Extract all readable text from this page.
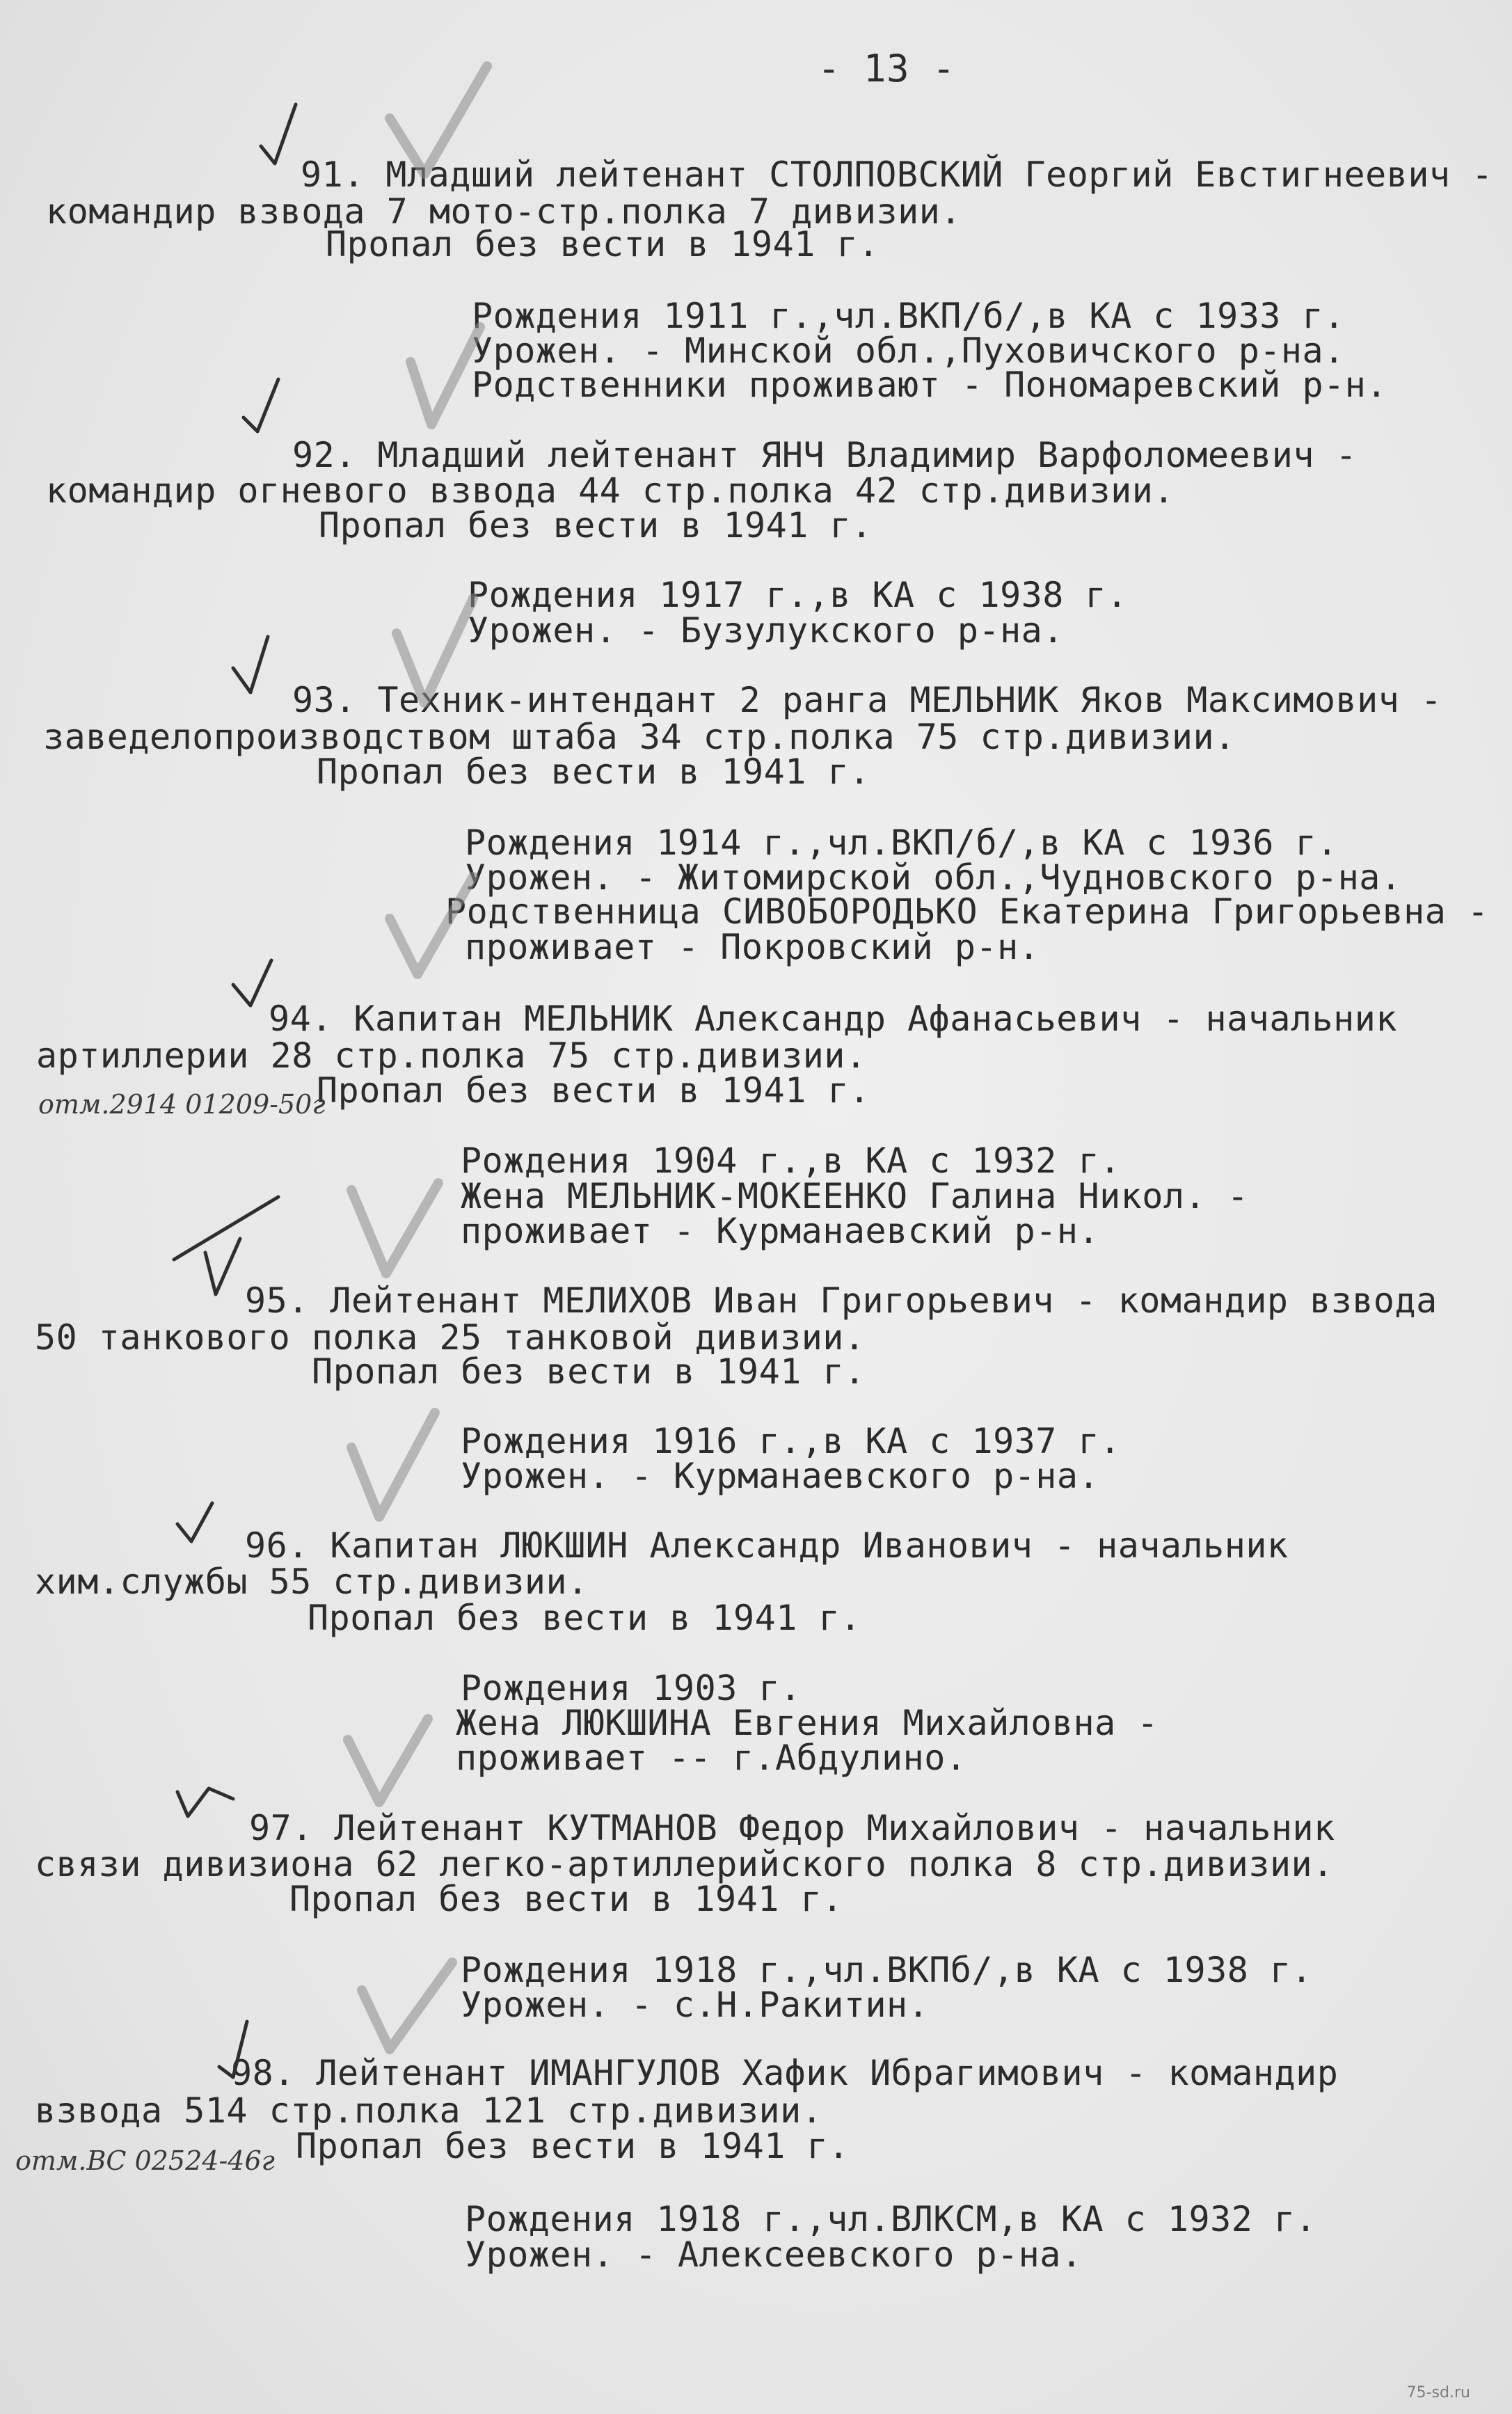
- 13 -
91. Младший лейтенант СТОЛПОВСКИЙ Георгий Евстигнеевич -
командир взвода 7 мото-стр.полка 7 дивизии.
Пропал без вести в 1941 г.
Рождения 1911 г.,чл.ВКП/б/,в КА с 1933 г.
Урожен. - Минской обл.,Пуховичского р-на.
Родственники проживают - Пономаревский р-н.
92. Младший лейтенант ЯНЧ Владимир Варфоломеевич -
командир огневого взвода 44 стр.полка 42 стр.дивизии.
Пропал без вести в 1941 г.
Рождения 1917 г.,в КА с 1938 г.
Урожен. - Бузулукского р-на.
93. Техник-интендант 2 ранга МЕЛЬНИК Яков Максимович -
заведелопроизводством штаба 34 стр.полка 75 стр.дивизии.
Пропал без вести в 1941 г.
Рождения 1914 г.,чл.ВКП/б/,в КА с 1936 г.
Урожен. - Житомирской обл.,Чудновского р-на.
Родственница СИВОБОРОДЬКО Екатерина Григорьевна -
проживает - Покровский р-н.
94. Капитан МЕЛЬНИК Александр Афанасьевич - начальник
артиллерии 28 стр.полка 75 стр.дивизии.
Пропал без вести в 1941 г.
Рождения 1904 г.,в КА с 1932 г.
Жена МЕЛЬНИК-МОКЕЕНКО Галина Никол. -
проживает - Курманаевский р-н.
95. Лейтенант МЕЛИХОВ Иван Григорьевич - командир взвода
50 танкового полка 25 танковой дивизии.
Пропал без вести в 1941 г.
Рождения 1916 г.,в КА с 1937 г.
Урожен. - Курманаевского р-на.
96. Капитан ЛЮКШИН Александр Иванович - начальник
хим.службы 55 стр.дивизии.
Пропал без вести в 1941 г.
Рождения 1903 г.
Жена ЛЮКШИНА Евгения Михайловна -
проживает -- г.Абдулино.
97. Лейтенант КУТМАНОВ Федор Михайлович - начальник
связи дивизиона 62 легко-артиллерийского полка 8 стр.дивизии.
Пропал без вести в 1941 г.
Рождения 1918 г.,чл.ВКПб/,в КА с 1938 г.
Урожен. - с.Н.Ракитин.
98. Лейтенант ИМАНГУЛОВ Хафик Ибрагимович - командир
взвода 514 стр.полка 121 стр.дивизии.
Пропал без вести в 1941 г.
Рождения 1918 г.,чл.ВЛКСМ,в КА с 1932 г.
Урожен. - Алексеевского р-на.
отм.2914 01209-50г
отм.ВС 02524-46г
75-sd.ru
